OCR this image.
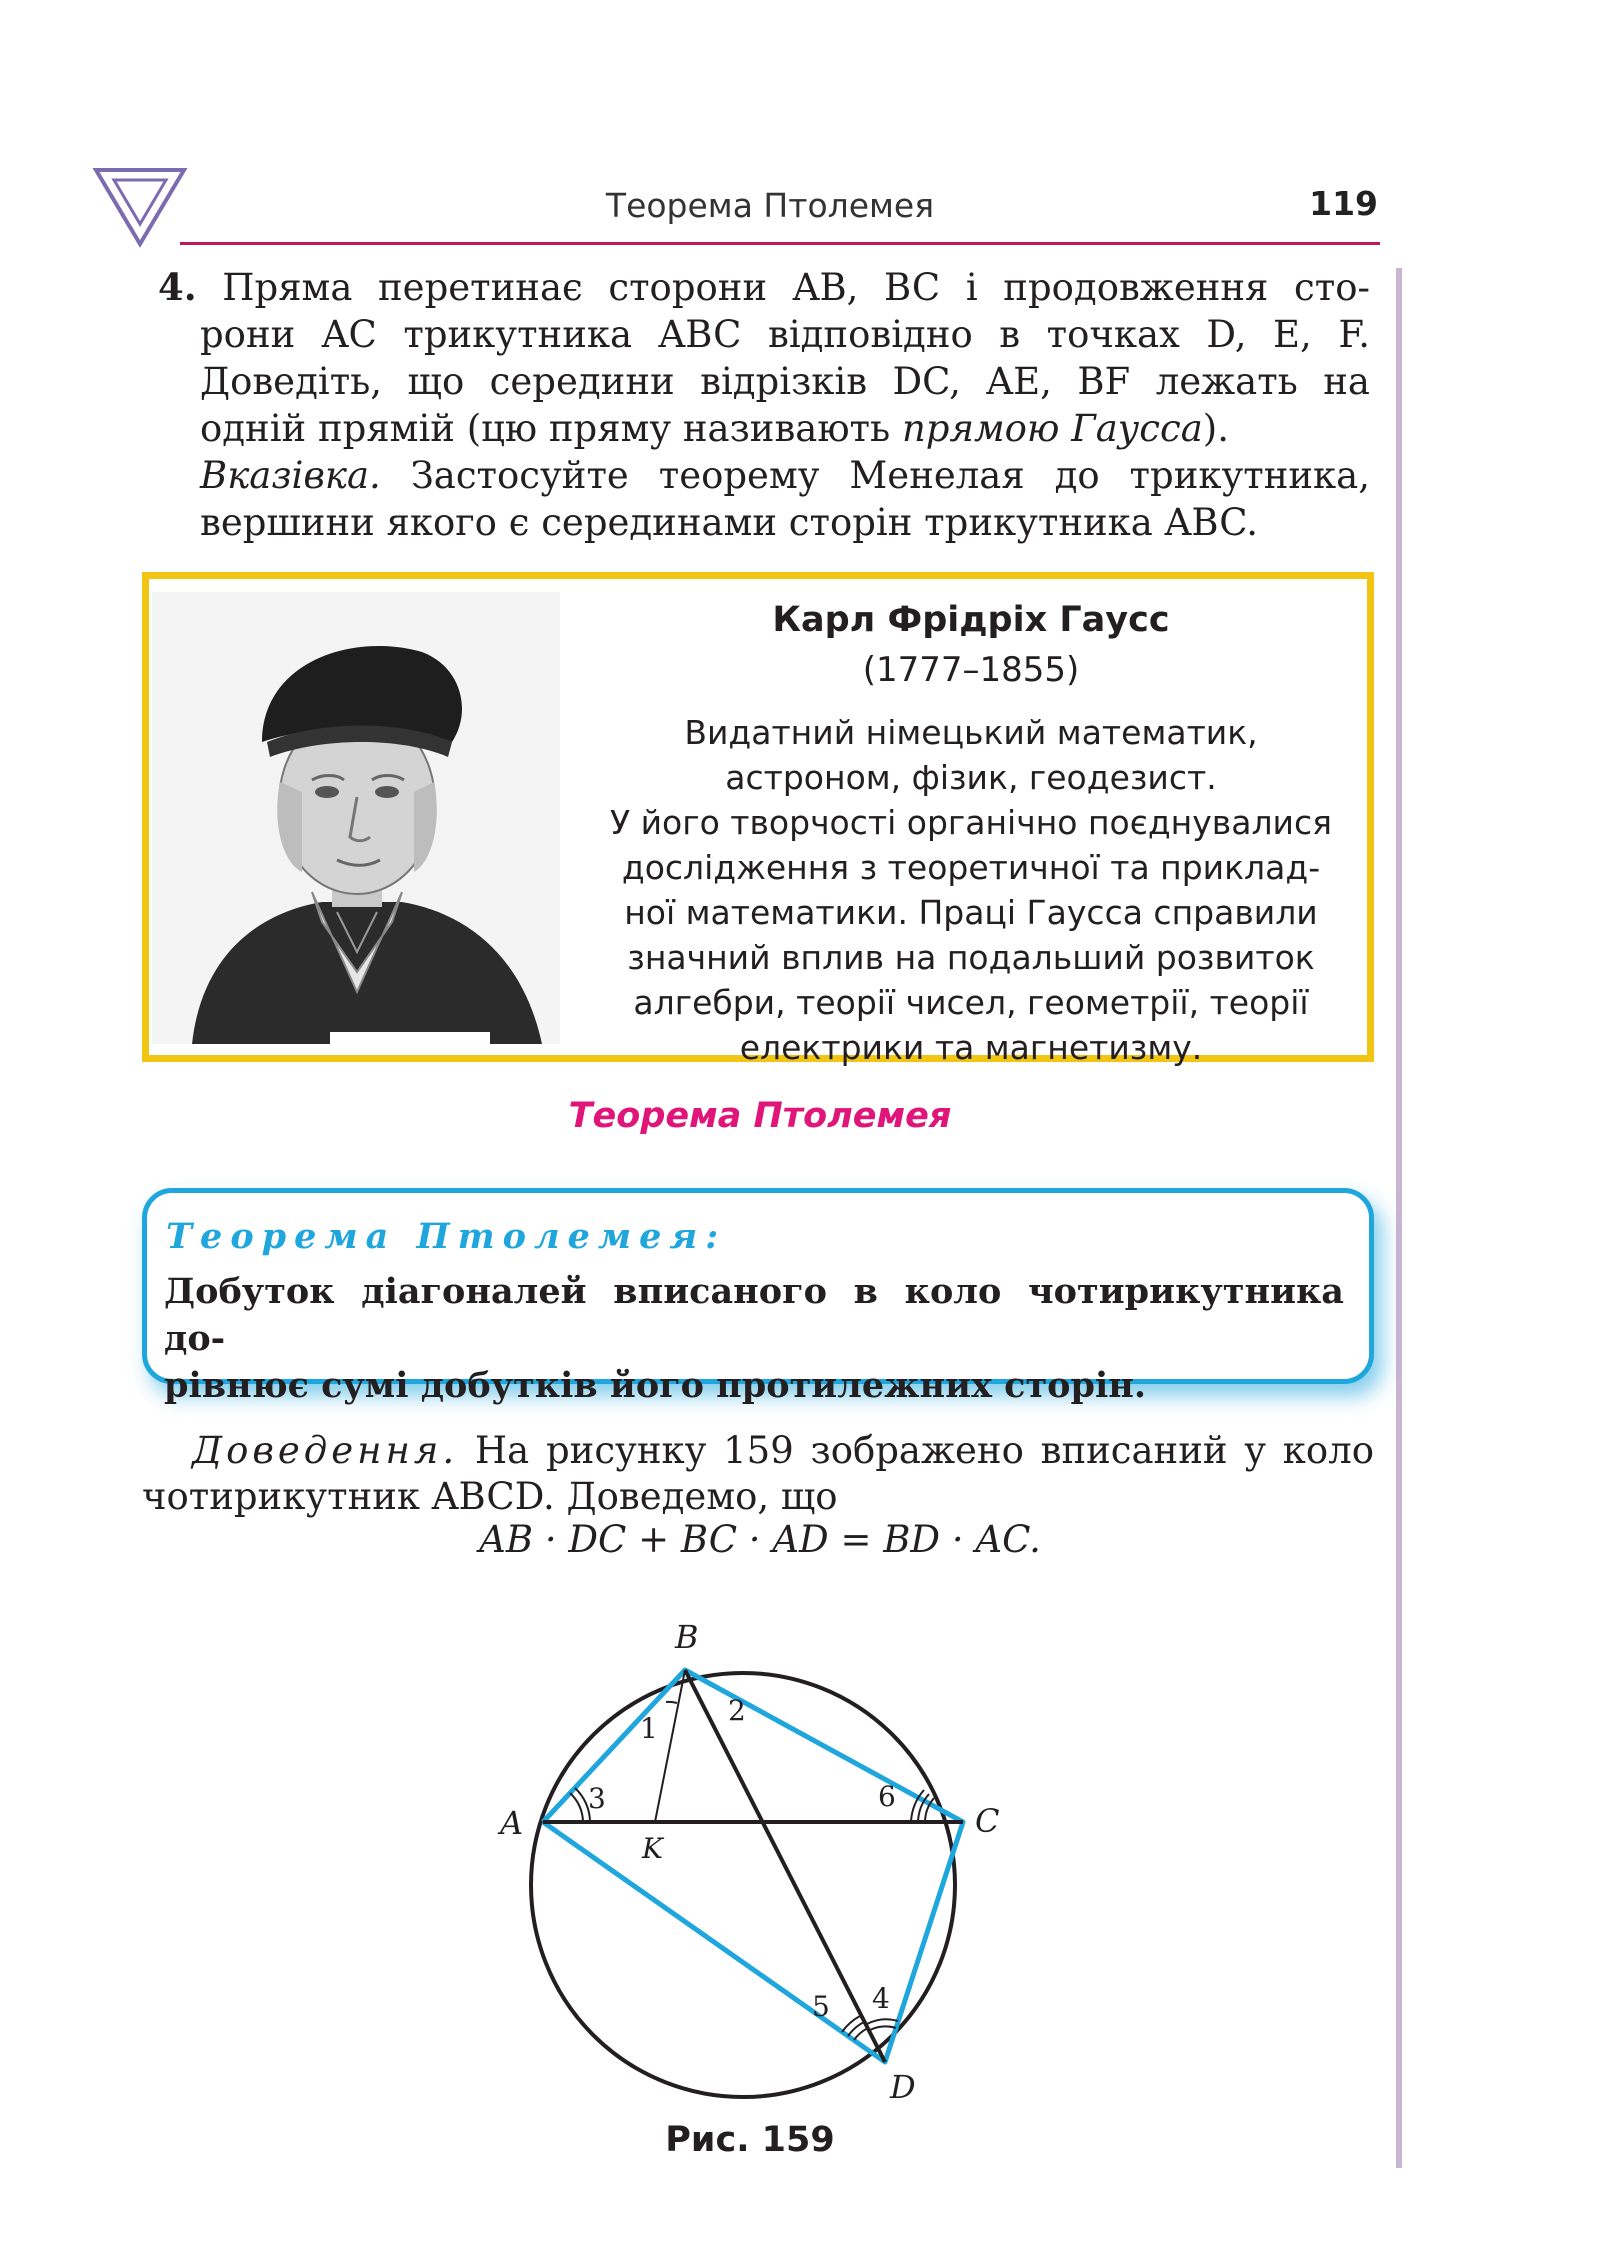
Теорема Птолемея	119

4. Пряма перетинає сторони AB, BC і продовження сто-

рони AC трикутника ABC відповідно в точках D, E, F.

Доведіть, що середини відрізків DC, AE, BF лежать на

одній прямій (цю пряму називають прямою Гаусса).

Вказівка. Застосуйте теорему Менелая до трикутника,

вершини якого є серединами сторін трикутника ABC.

Карл Фрідріх Гаусс
(1777–1855)
Видатний німецький математик,
астроном, фізик, геодезист.
У його творчості органічно поєднувалися
дослідження з теоретичної та приклад-
ної математики. Праці Гаусса справили
значний вплив на подальший розвиток
алгебри, теорії чисел, геометрії, теорії
електрики та магнетизму.
Теорема Птолемея
Теорема Птолемея:

Добуток діагоналей вписаного в коло чотирикутника до-

рівнює сумі добутків його протилежних сторін.

Доведення. На рисунку 159 зображено вписаний у коло

чотирикутник ABCD. Доведемо, що

AB · DC + BC · AD = BD · AC.
B
A	C
D
K
1
2
3	6
5 4
Рис. 159
